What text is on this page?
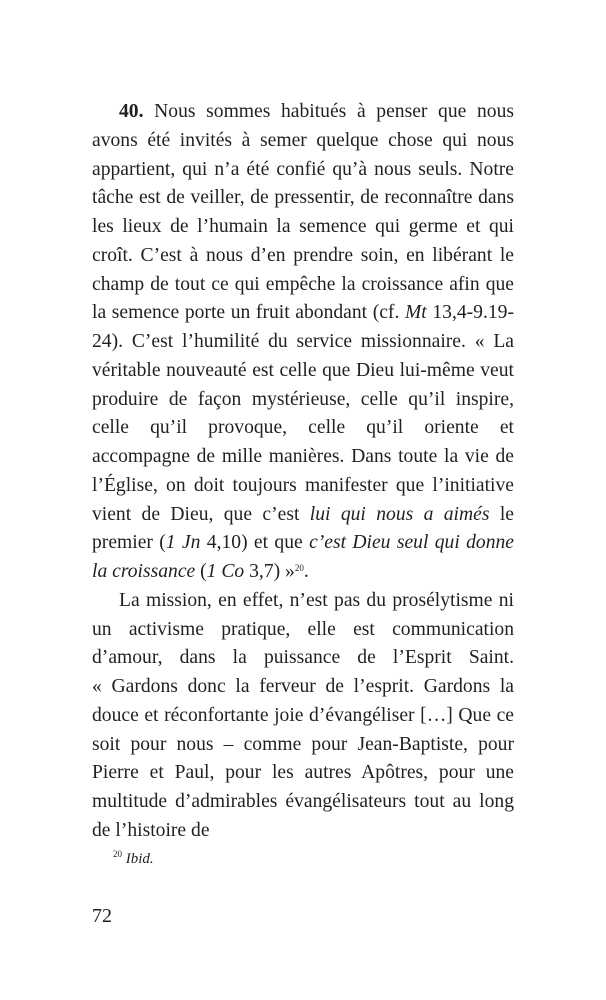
40. Nous sommes habitués à penser que nous avons été invités à semer quelque chose qui nous appartient, qui n’a été confié qu’à nous seuls. Notre tâche est de veiller, de pressentir, de reconnaître dans les lieux de l’humain la semence qui germe et qui croît. C’est à nous d’en prendre soin, en libérant le champ de tout ce qui empêche la croissance afin que la semence porte un fruit abondant (cf. Mt 13,4-9.19-24). C’est l’humilité du service missionnaire. « La véritable nouveauté est celle que Dieu lui-même veut produire de façon mystérieuse, celle qu’il inspire, celle qu’il provoque, celle qu’il oriente et accompagne de mille manières. Dans toute la vie de l’Église, on doit toujours manifester que l’initiative vient de Dieu, que c’est lui qui nous a aimés le premier (1 Jn 4,10) et que c’est Dieu seul qui donne la croissance (1 Co 3,7) »$^{20}$.

La mission, en effet, n’est pas du prosélytisme ni un activisme pratique, elle est communication d’amour, dans la puissance de l’Esprit Saint. « Gardons donc la ferveur de l’esprit. Gardons la douce et réconfortante joie d’évangéliser […] Que ce soit pour nous – comme pour Jean-Baptiste, pour Pierre et Paul, pour les autres Apôtres, pour une multitude d’admirables évangélisateurs tout au long de l’histoire de

$^{20}$ Ibid.
72
